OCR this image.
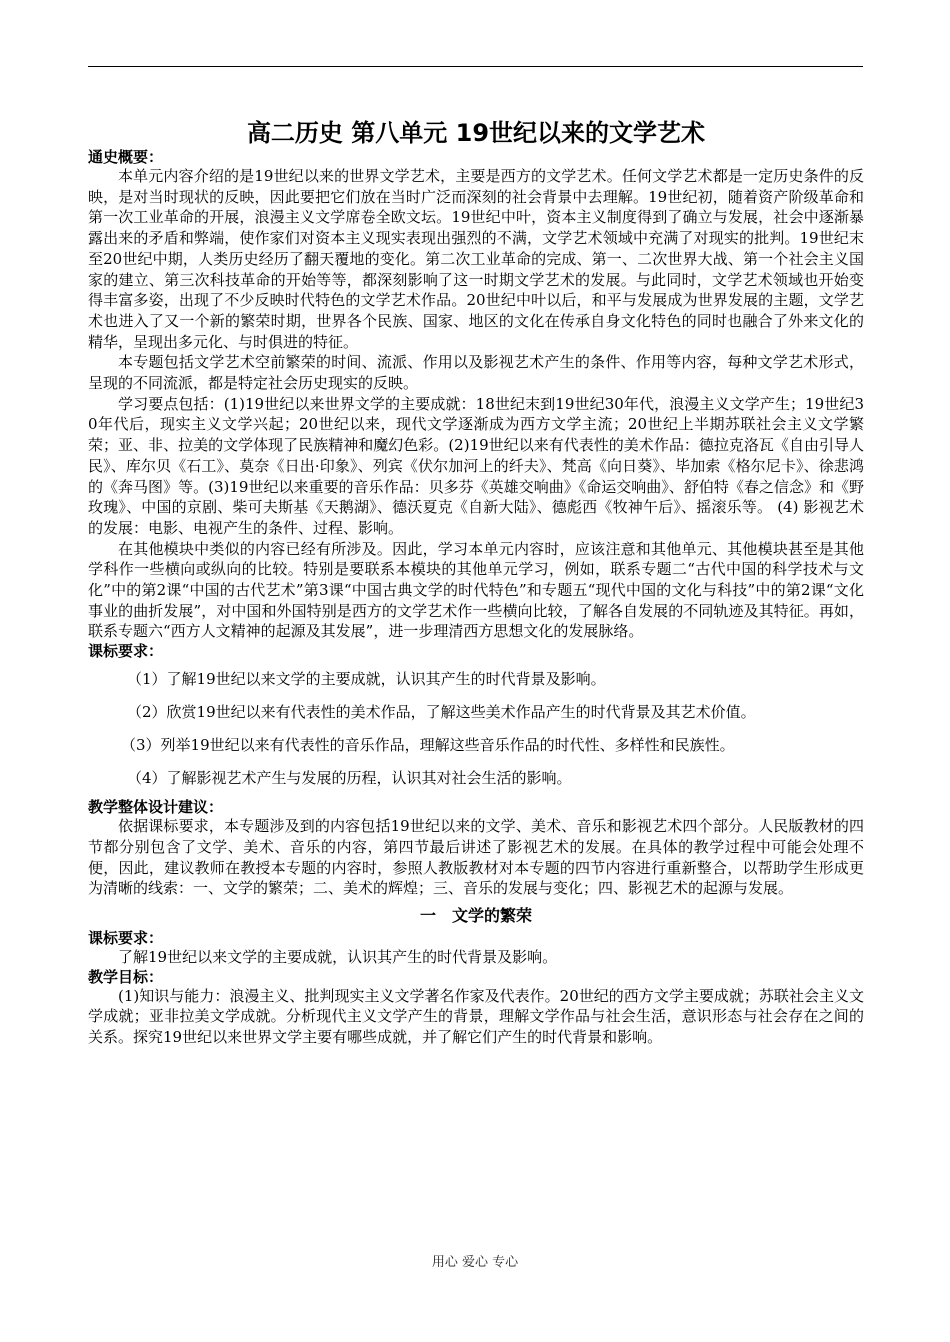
高二历史 第八单元 19世纪以来的文学艺术
通史概要：

本单元内容介绍的是19世纪以来的世界文学艺术，主要是西方的文学艺术。任何文学艺术都是一定历史条件的反映，是对当时现状的反映，因此要把它们放在当时广泛而深刻的社会背景中去理解。19世纪初，随着资产阶级革命和第一次工业革命的开展，浪漫主义文学席卷全欧文坛。19世纪中叶，资本主义制度得到了确立与发展，社会中逐渐暴露出来的矛盾和弊端，使作家们对资本主义现实表现出强烈的不满，文学艺术领域中充满了对现实的批判。19世纪末至20世纪中期，人类历史经历了翻天覆地的变化。第二次工业革命的完成、第一、二次世界大战、第一个社会主义国家的建立、第三次科技革命的开始等等，都深刻影响了这一时期文学艺术的发展。与此同时，文学艺术领域也开始变得丰富多姿，出现了不少反映时代特色的文学艺术作品。20世纪中叶以后，和平与发展成为世界发展的主题，文学艺术也进入了又一个新的繁荣时期，世界各个民族、国家、地区的文化在传承自身文化特色的同时也融合了外来文化的精华，呈现出多元化、与时俱进的特征。

本专题包括文学艺术空前繁荣的时间、流派、作用以及影视艺术产生的条件、作用等内容，每种文学艺术形式，呈现的不同流派，都是特定社会历史现实的反映。

学习要点包括：(1)19世纪以来世界文学的主要成就：18世纪末到19世纪30年代，浪漫主义文学产生；19世纪30年代后，现实主义文学兴起；20世纪以来，现代文学逐渐成为西方文学主流；20世纪上半期苏联社会主义文学繁荣；亚、非、拉美的文学体现了民族精神和魔幻色彩。(2)19世纪以来有代表性的美术作品：德拉克洛瓦《自由引导人民》、库尔贝《石工》、莫奈《日出·印象》、列宾《伏尔加河上的纤夫》、梵高《向日葵》、毕加索《格尔尼卡》、徐悲鸿的《奔马图》等。(3)19世纪以来重要的音乐作品：贝多芬《英雄交响曲》《命运交响曲》、舒伯特《春之信念》和《野玫瑰》、中国的京剧、柴可夫斯基《天鹅湖》、德沃夏克《自新大陆》、德彪西《牧神午后》、摇滚乐等。 (4) 影视艺术的发展：电影、电视产生的条件、过程、影响。

在其他模块中类似的内容已经有所涉及。因此，学习本单元内容时，应该注意和其他单元、其他模块甚至是其他学科作一些横向或纵向的比较。特别是要联系本模块的其他单元学习，例如，联系专题二“古代中国的科学技术与文化”中的第2课“中国的古代艺术”第3课“中国古典文学的时代特色”和专题五“现代中国的文化与科技”中的第2课“文化事业的曲折发展”，对中国和外国特别是西方的文学艺术作一些横向比较，了解各自发展的不同轨迹及其特征。再如，联系专题六“西方人文精神的起源及其发展”，进一步理清西方思想文化的发展脉络。

课标要求：

（1）了解19世纪以来文学的主要成就，认识其产生的时代背景及影响。

（2）欣赏19世纪以来有代表性的美术作品，了解这些美术作品产生的时代背景及其艺术价值。

（3）列举19世纪以来有代表性的音乐作品，理解这些音乐作品的时代性、多样性和民族性。

（4）了解影视艺术产生与发展的历程，认识其对社会生活的影响。

教学整体设计建议：

依据课标要求，本专题涉及到的内容包括19世纪以来的文学、美术、音乐和影视艺术四个部分。人民版教材的四节都分别包含了文学、美术、音乐的内容，第四节最后讲述了影视艺术的发展。在具体的教学过程中可能会处理不便，因此，建议教师在教授本专题的内容时，参照人教版教材对本专题的四节内容进行重新整合，以帮助学生形成更为清晰的线索：一、文学的繁荣；二、美术的辉煌；三、音乐的发展与变化；四、影视艺术的起源与发展。

一　文学的繁荣
课标要求：

了解19世纪以来文学的主要成就，认识其产生的时代背景及影响。

教学目标：

(1)知识与能力：浪漫主义、批判现实主义文学著名作家及代表作。20世纪的西方文学主要成就；苏联社会主义文学成就；亚非拉美文学成就。分析现代主义文学产生的背景，理解文学作品与社会生活，意识形态与社会存在之间的关系。探究19世纪以来世界文学主要有哪些成就，并了解它们产生的时代背景和影响。

用心 爱心 专心
